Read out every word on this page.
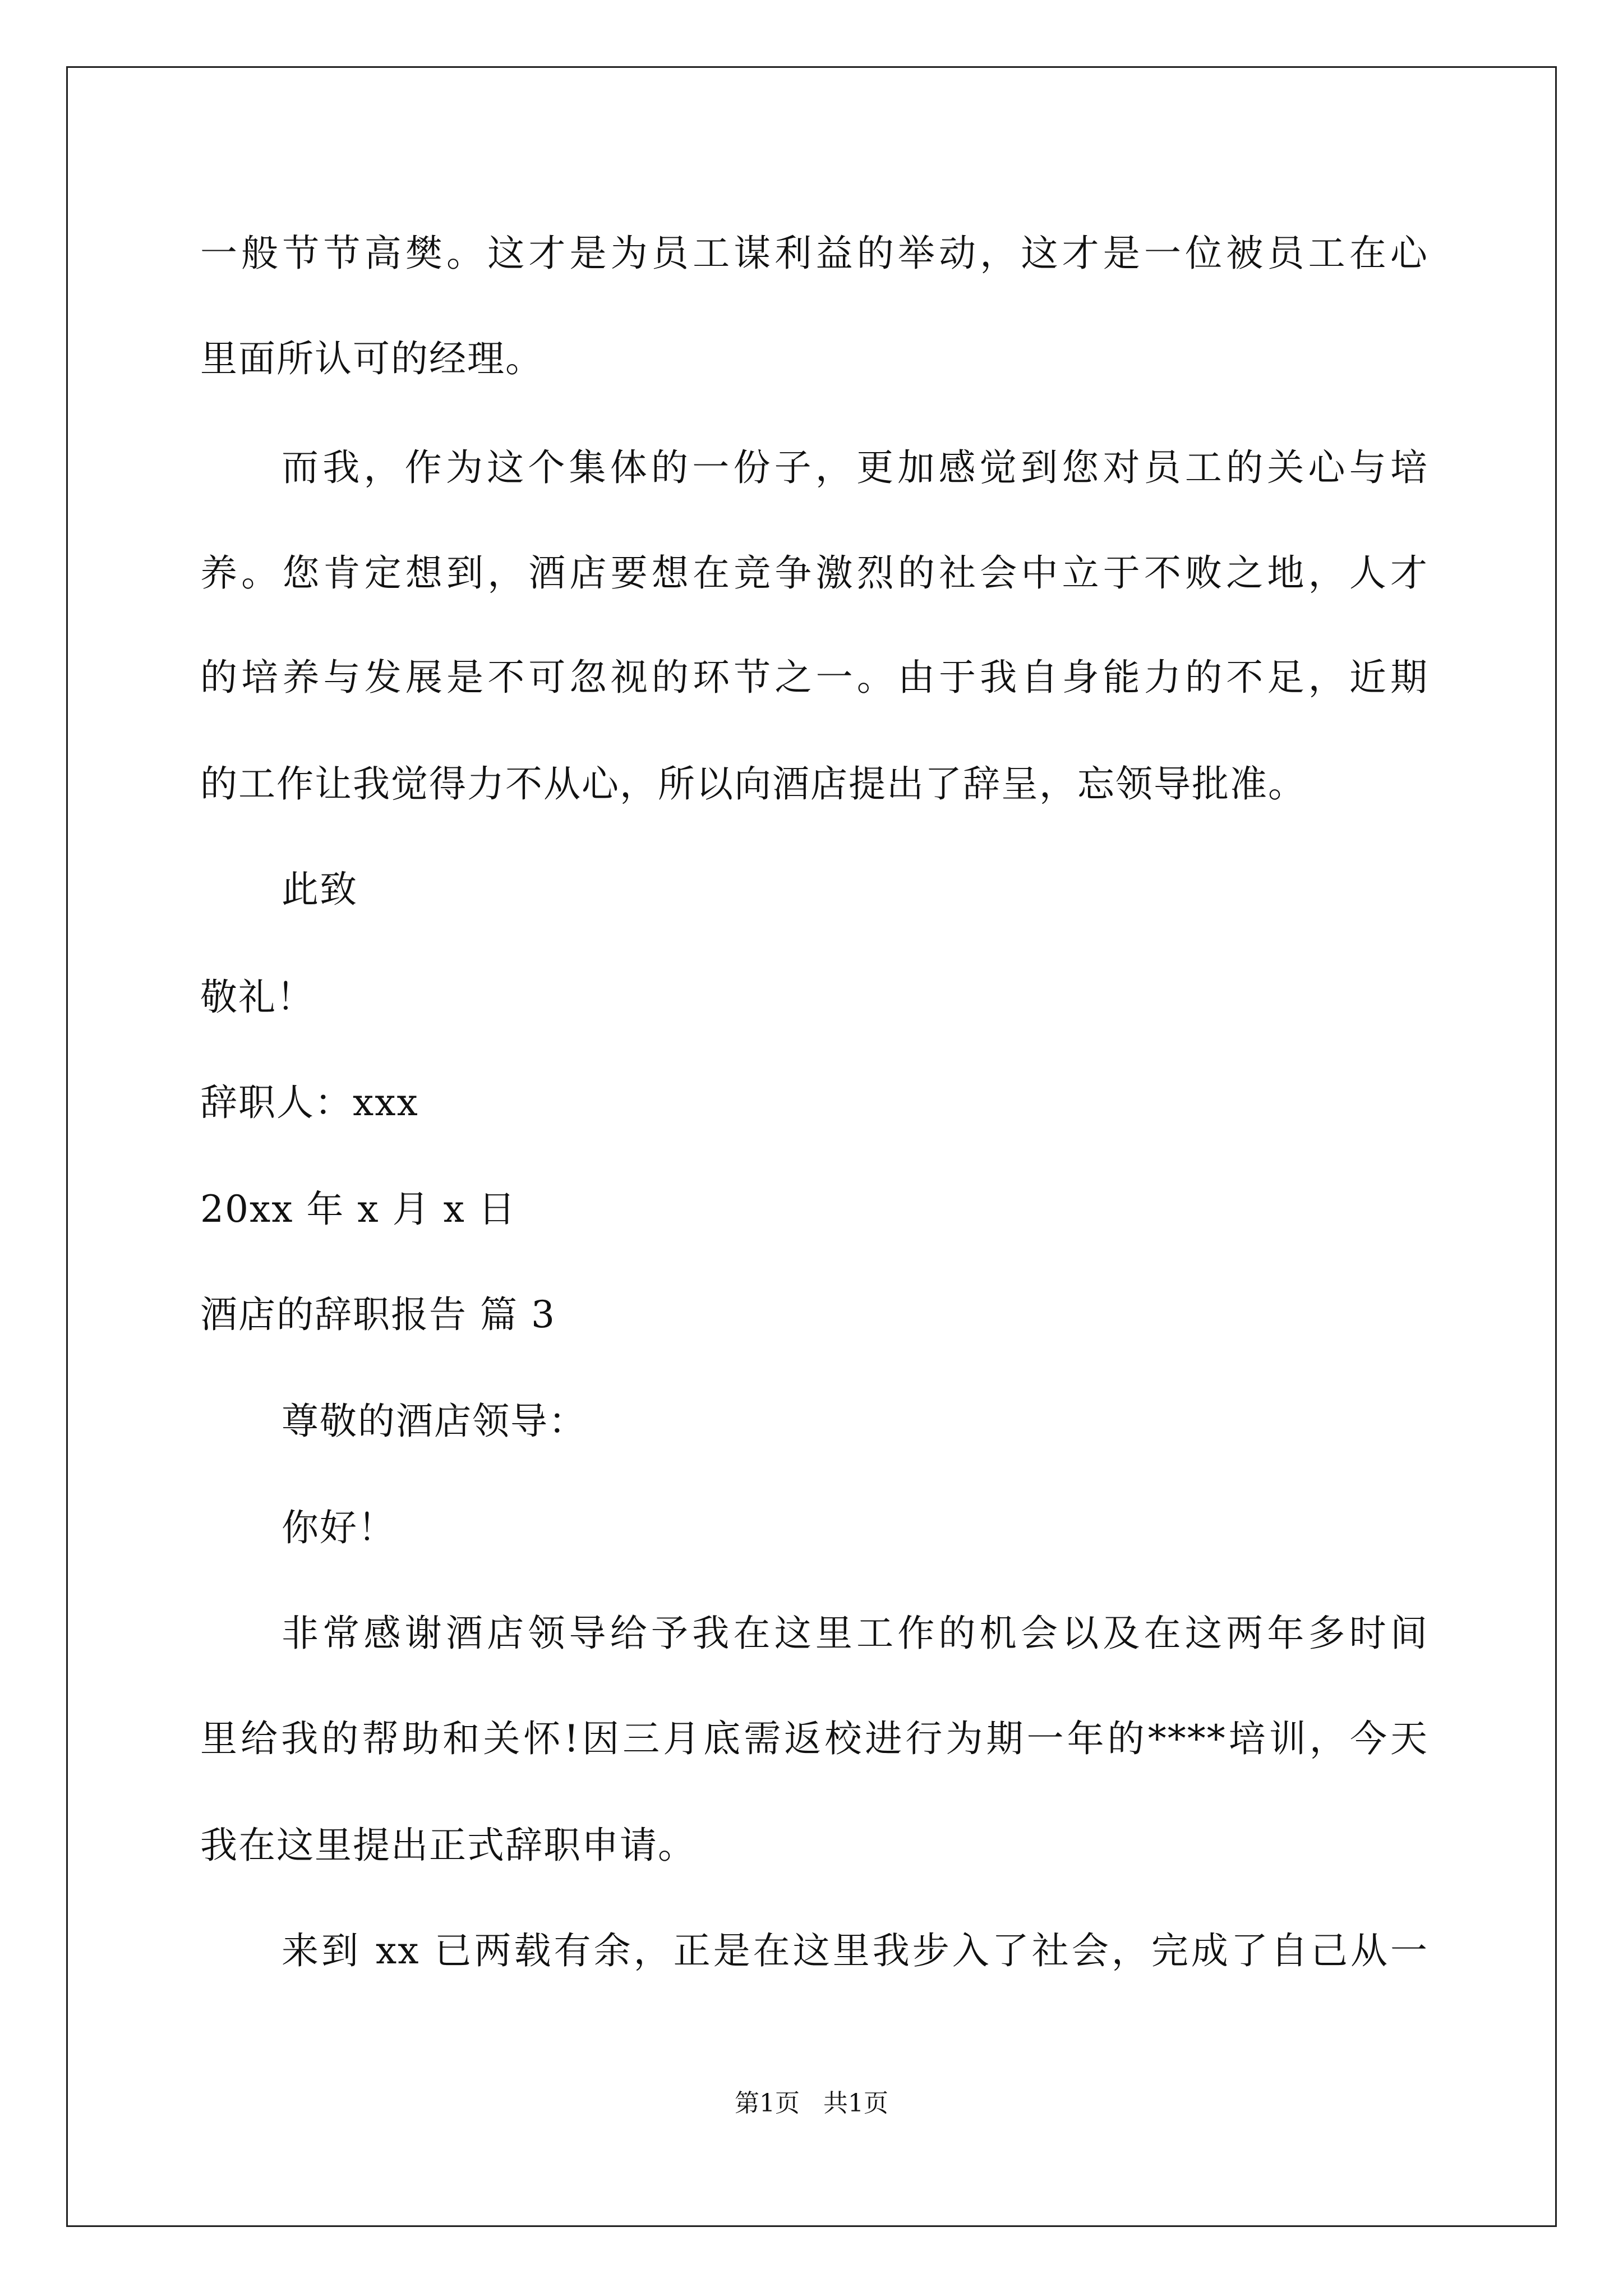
一般节节高樊。这才是为员工谋利益的举动，这才是一位被员工在心
里面所认可的经理。
而我，作为这个集体的一份子，更加感觉到您对员工的关心与培
养。您肯定想到，酒店要想在竞争激烈的社会中立于不败之地，人才
的培养与发展是不可忽视的环节之一。由于我自身能力的不足，近期
的工作让我觉得力不从心，所以向酒店提出了辞呈，忘领导批准。
此致
敬礼！
辞职人：xxx
20xx 年 x 月 x 日
酒店的辞职报告 篇 3
尊敬的酒店领导：
你好！
非常感谢酒店领导给予我在这里工作的机会以及在这两年多时间
里给我的帮助和关怀!因三月底需返校进行为期一年的****培训，今天
我在这里提出正式辞职申请。
来到 xx 已两载有余，正是在这里我步入了社会，完成了自己从一
第1页   共1页
